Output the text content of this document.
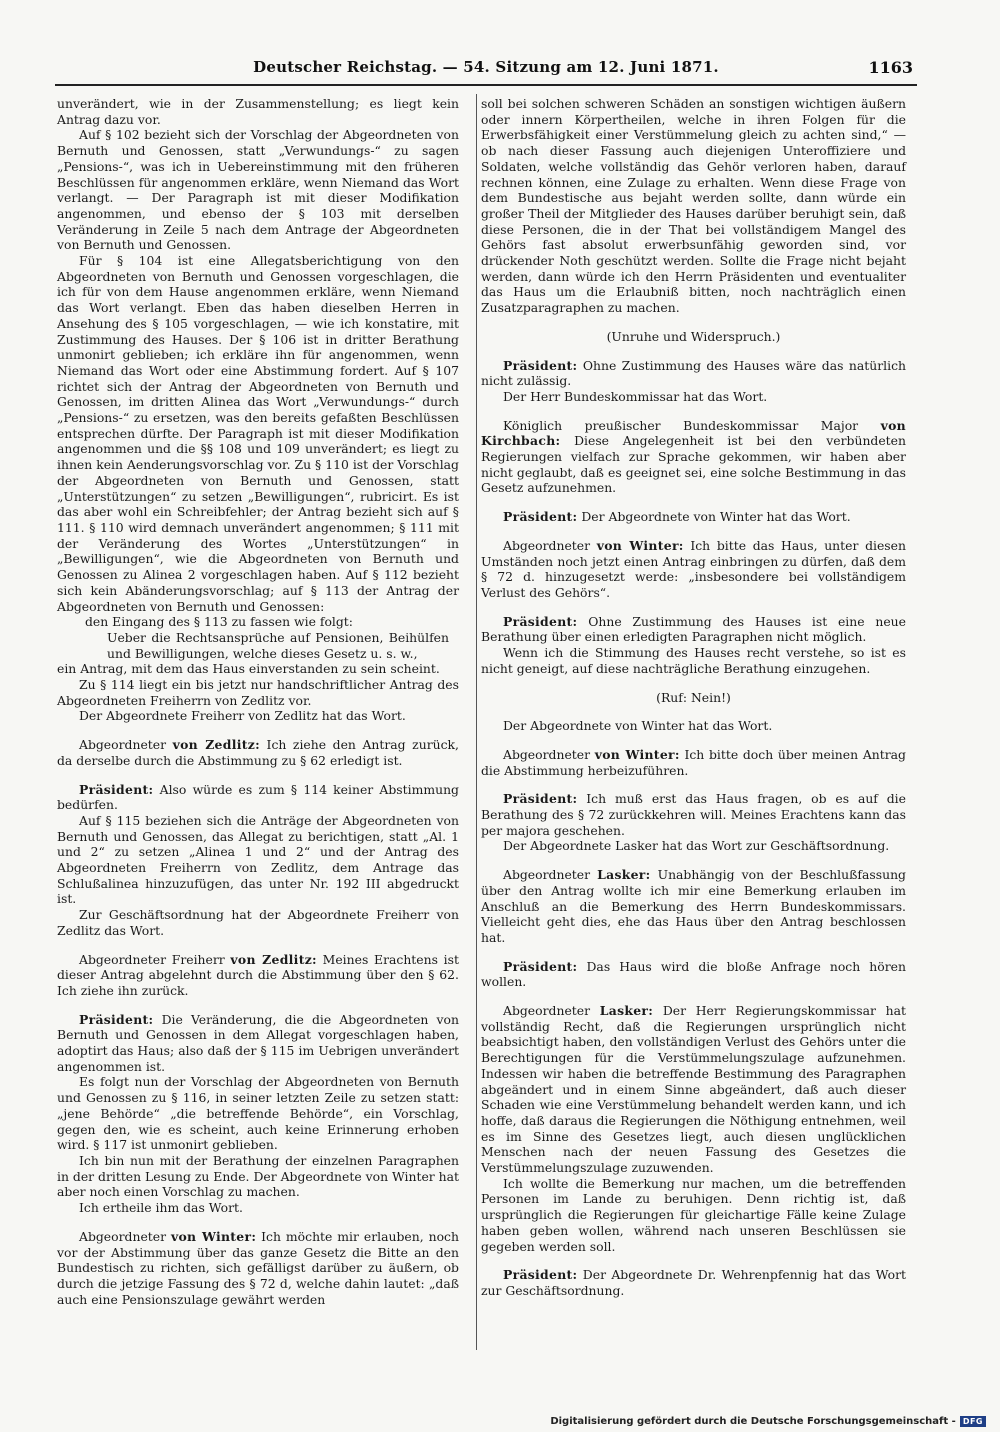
Deutscher Reichstag. — 54. Sitzung am 12. Juni 1871.	1163

unverändert, wie in der Zusammenstellung; es liegt kein Antrag dazu vor.

Auf § 102 bezieht sich der Vorschlag der Abgeordneten von Bernuth und Genossen, statt „Verwundungs-“ zu sagen „Pensions-“, was ich in Uebereinstimmung mit den früheren Beschlüssen für angenommen erkläre, wenn Niemand das Wort verlangt. — Der Paragraph ist mit dieser Modifikation angenommen, und ebenso der § 103 mit derselben Veränderung in Zeile 5 nach dem Antrage der Abgeordneten von Bernuth und Genossen.

Für § 104 ist eine Allegatsberichtigung von den Abgeordneten von Bernuth und Genossen vorgeschlagen, die ich für von dem Hause angenommen erkläre, wenn Niemand das Wort verlangt. Eben das haben dieselben Herren in Ansehung des § 105 vorgeschlagen, — wie ich konstatire, mit Zustimmung des Hauses. Der § 106 ist in dritter Berathung unmonirt geblieben; ich erkläre ihn für angenommen, wenn Niemand das Wort oder eine Abstimmung fordert. Auf § 107 richtet sich der Antrag der Abgeordneten von Bernuth und Genossen, im dritten Alinea das Wort „Verwundungs-“ durch „Pensions-“ zu ersetzen, was den bereits gefaßten Beschlüssen entsprechen dürfte. Der Paragraph ist mit dieser Modifikation angenommen und die §§ 108 und 109 unverändert; es liegt zu ihnen kein Aenderungsvorschlag vor. Zu § 110 ist der Vorschlag der Abgeordneten von Bernuth und Genossen, statt „Unterstützungen“ zu setzen „Bewilligungen“, rubricirt. Es ist das aber wohl ein Schreibfehler; der Antrag bezieht sich auf § 111. § 110 wird demnach unverändert angenommen; § 111 mit der Veränderung des Wortes „Unterstützungen“ in „Bewilligungen“, wie die Abgeordneten von Bernuth und Genossen zu Alinea 2 vorgeschlagen haben. Auf § 112 bezieht sich kein Abänderungsvorschlag; auf § 113 der Antrag der Abgeordneten von Bernuth und Genossen:

den Eingang des § 113 zu fassen wie folgt:

Ueber die Rechtsansprüche auf Pensionen, Beihülfen und Bewilligungen, welche dieses Gesetz u. s. w.,

ein Antrag, mit dem das Haus einverstanden zu sein scheint.

Zu § 114 liegt ein bis jetzt nur handschriftlicher Antrag des Abgeordneten Freiherrn von Zedlitz vor.

Der Abgeordnete Freiherr von Zedlitz hat das Wort.

Abgeordneter von Zedlitz: Ich ziehe den Antrag zurück, da derselbe durch die Abstimmung zu § 62 erledigt ist.

Präsident: Also würde es zum § 114 keiner Abstimmung bedürfen.

Auf § 115 beziehen sich die Anträge der Abgeordneten von Bernuth und Genossen, das Allegat zu berichtigen, statt „Al. 1 und 2“ zu setzen „Alinea 1 und 2“ und der Antrag des Abgeordneten Freiherrn von Zedlitz, dem Antrage das Schlußalinea hinzuzufügen, das unter Nr. 192 III abgedruckt ist.

Zur Geschäftsordnung hat der Abgeordnete Freiherr von Zedlitz das Wort.

Abgeordneter Freiherr von Zedlitz: Meines Erachtens ist dieser Antrag abgelehnt durch die Abstimmung über den § 62. Ich ziehe ihn zurück.

Präsident: Die Veränderung, die die Abgeordneten von Bernuth und Genossen in dem Allegat vorgeschlagen haben, adoptirt das Haus; also daß der § 115 im Uebrigen unverändert angenommen ist.

Es folgt nun der Vorschlag der Abgeordneten von Bernuth und Genossen zu § 116, in seiner letzten Zeile zu setzen statt: „jene Behörde“ „die betreffende Behörde“, ein Vorschlag, gegen den, wie es scheint, auch keine Erinnerung erhoben wird. § 117 ist unmonirt geblieben.

Ich bin nun mit der Berathung der einzelnen Paragraphen in der dritten Lesung zu Ende. Der Abgeordnete von Winter hat aber noch einen Vorschlag zu machen.

Ich ertheile ihm das Wort.

Abgeordneter von Winter: Ich möchte mir erlauben, noch vor der Abstimmung über das ganze Gesetz die Bitte an den Bundestisch zu richten, sich gefälligst darüber zu äußern, ob durch die jetzige Fassung des § 72 d, welche dahin lautet: „daß auch eine Pensionszulage gewährt werden

soll bei solchen schweren Schäden an sonstigen wichtigen äußern oder innern Körpertheilen, welche in ihren Folgen für die Erwerbsfähigkeit einer Verstümmelung gleich zu achten sind,“ — ob nach dieser Fassung auch diejenigen Unteroffiziere und Soldaten, welche vollständig das Gehör verloren haben, darauf rechnen können, eine Zulage zu erhalten. Wenn diese Frage von dem Bundestische aus bejaht werden sollte, dann würde ein großer Theil der Mitglieder des Hauses darüber beruhigt sein, daß diese Personen, die in der That bei vollständigem Mangel des Gehörs fast absolut erwerbsunfähig geworden sind, vor drückender Noth geschützt werden. Sollte die Frage nicht bejaht werden, dann würde ich den Herrn Präsidenten und eventualiter das Haus um die Erlaubniß bitten, noch nachträglich einen Zusatzparagraphen zu machen.

(Unruhe und Widerspruch.)

Präsident: Ohne Zustimmung des Hauses wäre das natürlich nicht zulässig.

Der Herr Bundeskommissar hat das Wort.

Königlich preußischer Bundeskommissar Major von Kirchbach: Diese Angelegenheit ist bei den verbündeten Regierungen vielfach zur Sprache gekommen, wir haben aber nicht geglaubt, daß es geeignet sei, eine solche Bestimmung in das Gesetz aufzunehmen.

Präsident: Der Abgeordnete von Winter hat das Wort.

Abgeordneter von Winter: Ich bitte das Haus, unter diesen Umständen noch jetzt einen Antrag einbringen zu dürfen, daß dem § 72 d. hinzugesetzt werde: „insbesondere bei vollständigem Verlust des Gehörs“.

Präsident: Ohne Zustimmung des Hauses ist eine neue Berathung über einen erledigten Paragraphen nicht möglich.

Wenn ich die Stimmung des Hauses recht verstehe, so ist es nicht geneigt, auf diese nachträgliche Berathung einzugehen.

(Ruf: Nein!)

Der Abgeordnete von Winter hat das Wort.

Abgeordneter von Winter: Ich bitte doch über meinen Antrag die Abstimmung herbeizuführen.

Präsident: Ich muß erst das Haus fragen, ob es auf die Berathung des § 72 zurückkehren will. Meines Erachtens kann das per majora geschehen.

Der Abgeordnete Lasker hat das Wort zur Geschäftsordnung.

Abgeordneter Lasker: Unabhängig von der Beschlußfassung über den Antrag wollte ich mir eine Bemerkung erlauben im Anschluß an die Bemerkung des Herrn Bundeskommissars. Vielleicht geht dies, ehe das Haus über den Antrag beschlossen hat.

Präsident: Das Haus wird die bloße Anfrage noch hören wollen.

Abgeordneter Lasker: Der Herr Regierungskommissar hat vollständig Recht, daß die Regierungen ursprünglich nicht beabsichtigt haben, den vollständigen Verlust des Gehörs unter die Berechtigungen für die Verstümmelungszulage aufzunehmen. Indessen wir haben die betreffende Bestimmung des Paragraphen abgeändert und in einem Sinne abgeändert, daß auch dieser Schaden wie eine Verstümmelung behandelt werden kann, und ich hoffe, daß daraus die Regierungen die Nöthigung entnehmen, weil es im Sinne des Gesetzes liegt, auch diesen unglücklichen Menschen nach der neuen Fassung des Gesetzes die Verstümmelungszulage zuzuwenden.

Ich wollte die Bemerkung nur machen, um die betreffenden Personen im Lande zu beruhigen. Denn richtig ist, daß ursprünglich die Regierungen für gleichartige Fälle keine Zulage haben geben wollen, während nach unseren Beschlüssen sie gegeben werden soll.

Präsident: Der Abgeordnete Dr. Wehrenpfennig hat das Wort zur Geschäftsordnung.

Digitalisierung gefördert durch die Deutsche Forschungsgemeinschaft - DFG
